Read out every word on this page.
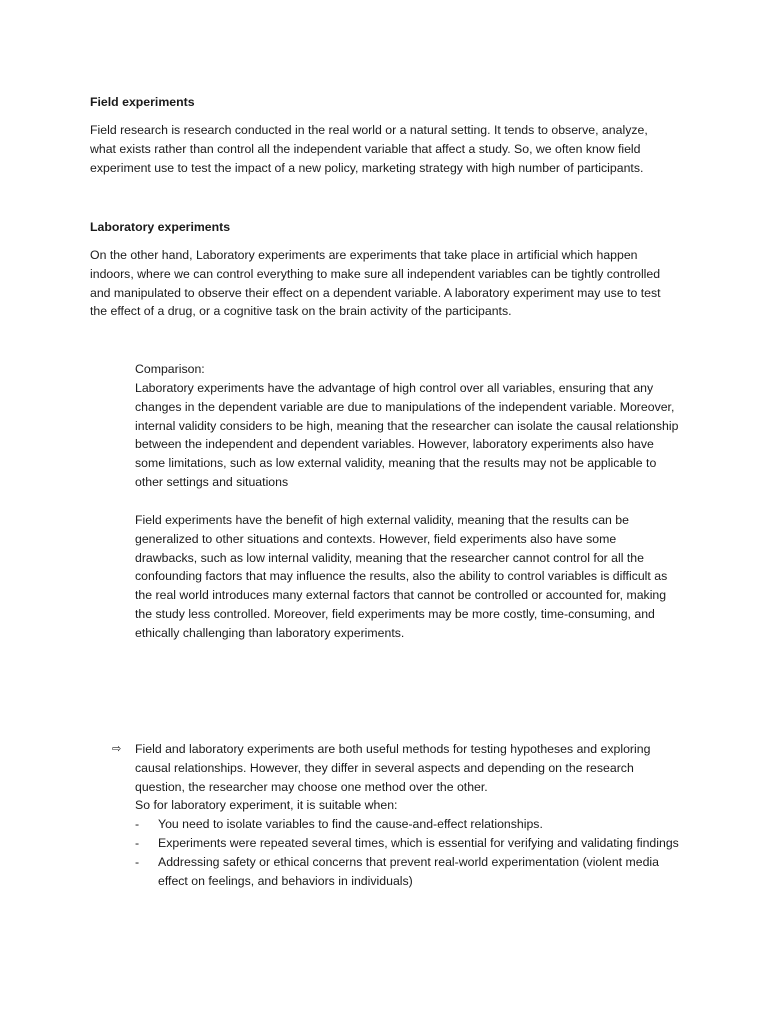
Field experiments

Field research is research conducted in the real world or a natural setting. It tends to observe, analyze, what exists rather than control all the independent variable that affect a study. So, we often know field experiment use to test the impact of a new policy, marketing strategy with high number of participants.

Laboratory experiments

On the other hand, Laboratory experiments are experiments that take place in artificial which happen indoors, where we can control everything to make sure all independent variables can be tightly controlled and manipulated to observe their effect on a dependent variable. A laboratory experiment may use to test the effect of a drug, or a cognitive task on the brain activity of the participants.

Comparison:

Laboratory experiments have the advantage of high control over all variables, ensuring that any changes in the dependent variable are due to manipulations of the independent variable. Moreover, internal validity considers to be high, meaning that the researcher can isolate the causal relationship between the independent and dependent variables. However, laboratory experiments also have some limitations, such as low external validity, meaning that the results may not be applicable to other settings and situations

Field experiments have the benefit of high external validity, meaning that the results can be generalized to other situations and contexts. However, field experiments also have some drawbacks, such as low internal validity, meaning that the researcher cannot control for all the confounding factors that may influence the results, also the ability to control variables is difficult as the real world introduces many external factors that cannot be controlled or accounted for, making the study less controlled. Moreover, field experiments may be more costly, time-consuming, and ethically challenging than laboratory experiments.

⇨	Field and laboratory experiments are both useful methods for testing hypotheses and exploring causal relationships. However, they differ in several aspects and depending on the research question, the researcher may choose one method over the other.
So for laboratory experiment, it is suitable when:
-	You need to isolate variables to find the cause-and-effect relationships.
-	Experiments were repeated several times, which is essential for verifying and validating findings
-	Addressing safety or ethical concerns that prevent real-world experimentation (violent media effect on feelings, and behaviors in individuals)
